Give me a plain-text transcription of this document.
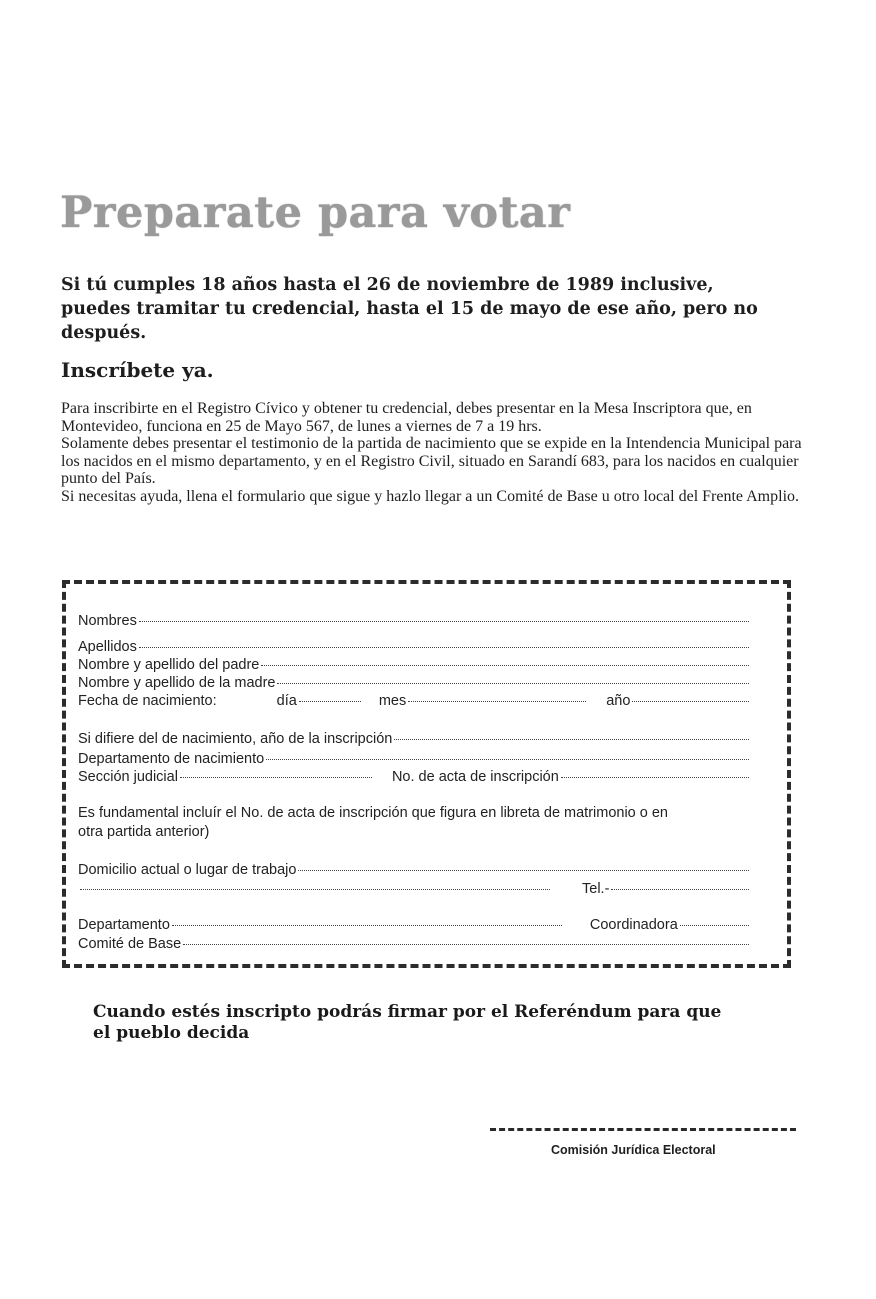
Preparate para votar
Si tú cumples 18 años hasta el 26 de noviembre de 1989 inclusive, puedes tramitar tu credencial, hasta el 15 de mayo de ese año, pero no después.
Inscríbete ya.

Para inscribirte en el Registro Cívico y obtener tu credencial, debes presentar en la Mesa Inscriptora que, en Montevideo, funciona en 25 de Mayo 567, de lunes a viernes de 7 a 19 hrs.

Solamente debes presentar el testimonio de la partida de nacimiento que se expide en la Intendencia Municipal para los nacidos en el mismo departamento, y en el Registro Civil, situado en Sarandí 683, para los nacidos en cualquier punto del País.

Si necesitas ayuda, llena el formulario que sigue y hazlo llegar a un Comité de Base u otro local del Frente Amplio.

Nombres
Apellidos
Nombre y apellido del padre
Nombre y apellido de la madre
Fecha de nacimiento:	día	mes	año
Si difiere del de nacimiento, año de la inscripción
Departamento de nacimiento
Sección judicial	No. de acta de inscripción
Es fundamental incluír el No. de acta de inscripción que figura en libreta de matrimonio o en otra partida anterior)
Domicilio actual o lugar de trabajo
Tel.-
Departamento	Coordinadora
Comité de Base
Cuando estés inscripto podrás firmar por el Referéndum para que el pueblo decida
Comisión Jurídica Electoral
